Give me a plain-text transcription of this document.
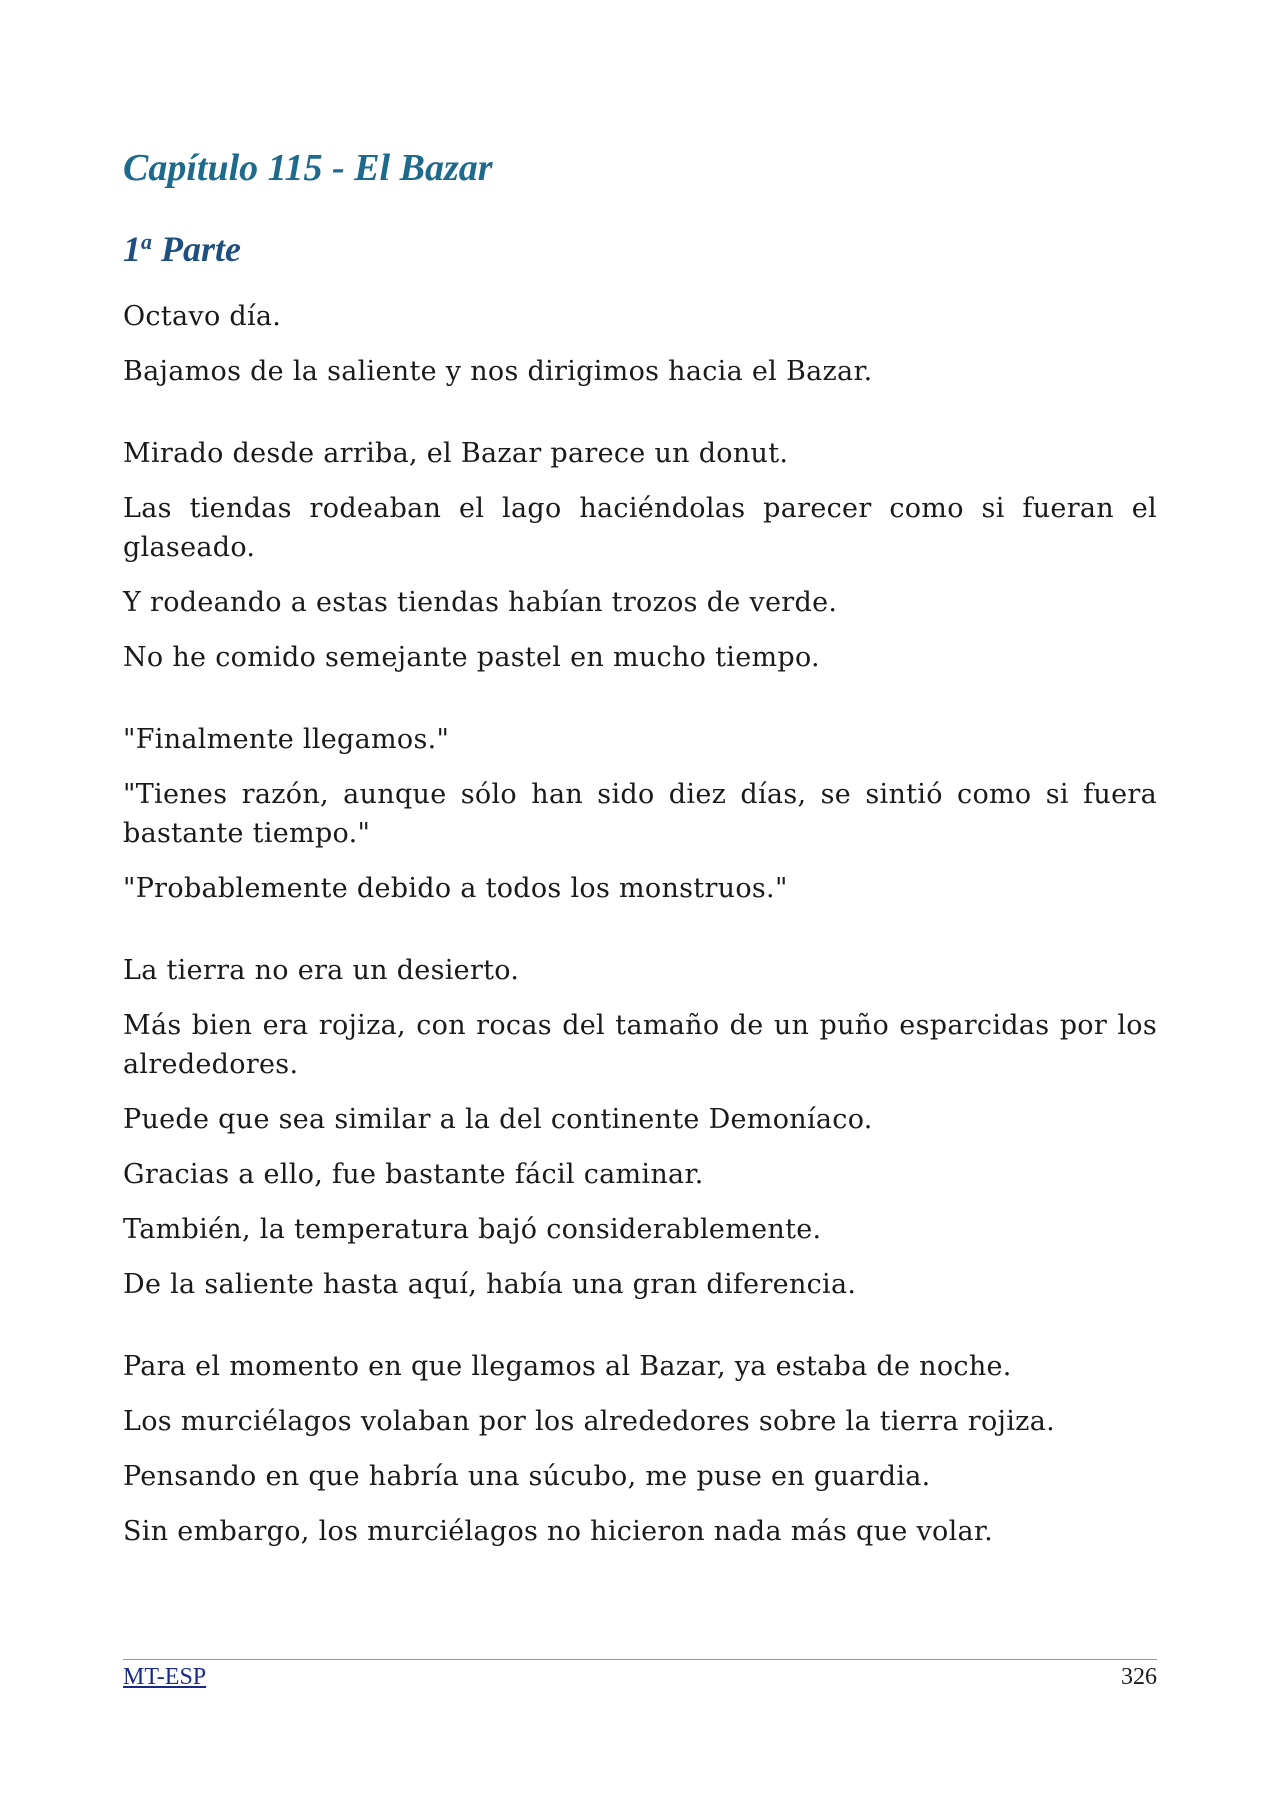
Capítulo 115 - El Bazar
1$^a$ Parte

Octavo día.

Bajamos de la saliente y nos dirigimos hacia el Bazar.

Mirado desde arriba, el Bazar parece un donut.

Las tiendas rodeaban el lago haciéndolas parecer como si fueran el glaseado.

Y rodeando a estas tiendas habían trozos de verde.

No he comido semejante pastel en mucho tiempo.

"Finalmente llegamos."

"Tienes razón, aunque sólo han sido diez días, se sintió como si fuera bastante tiempo."

"Probablemente debido a todos los monstruos."

La tierra no era un desierto.

Más bien era rojiza, con rocas del tamaño de un puño esparcidas por los alrededores.

Puede que sea similar a la del continente Demoníaco.

Gracias a ello, fue bastante fácil caminar.

También, la temperatura bajó considerablemente.

De la saliente hasta aquí, había una gran diferencia.

Para el momento en que llegamos al Bazar, ya estaba de noche.

Los murciélagos volaban por los alrededores sobre la tierra rojiza.

Pensando en que habría una súcubo, me puse en guardia.

Sin embargo, los murciélagos no hicieron nada más que volar.

MT-ESP	326
